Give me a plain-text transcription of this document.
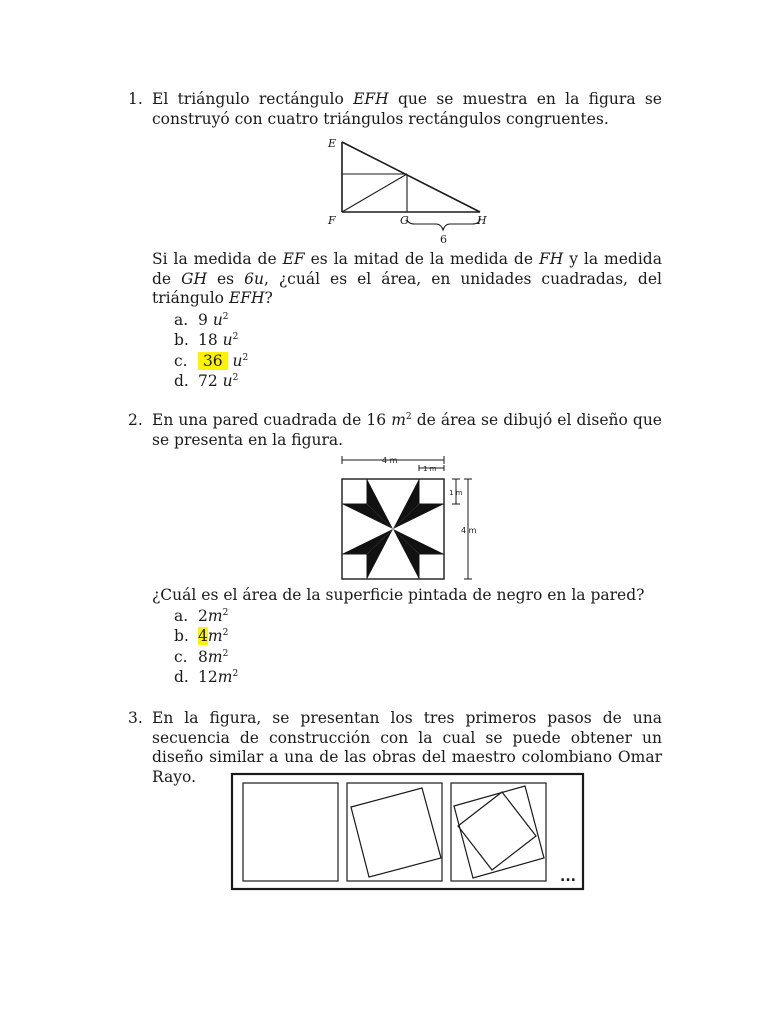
1. El triángulo rectángulo EFH que se muestra en la figura se construyó con cuatro triángulos rectángulos congruentes.
E
F	G	H
6
Si la medida de EF es la mitad de la medida de FH y la medida de GH es 6u, ¿cuál es el área, en unidades cuadradas, del triángulo EFH?
a. 9 $u^2$
b. 18 $u^2$
c. 36 $u^2$
d. 72 $u^2$
2. En una pared cuadrada de 16 $m^2$ de área se dibujó el diseño que se presenta en la figura.
4 m
1 m
1 m
4 m
¿Cuál es el área de la superficie pintada de negro en la pared?
a. $2m^2$
b. $4m^2$
c. $8m^2$
d. $12m^2$
3. En la figura, se presentan los tres primeros pasos de una secuencia de construcción con la cual se puede obtener un diseño similar a una de las obras del maestro colombiano Omar Rayo.
...
